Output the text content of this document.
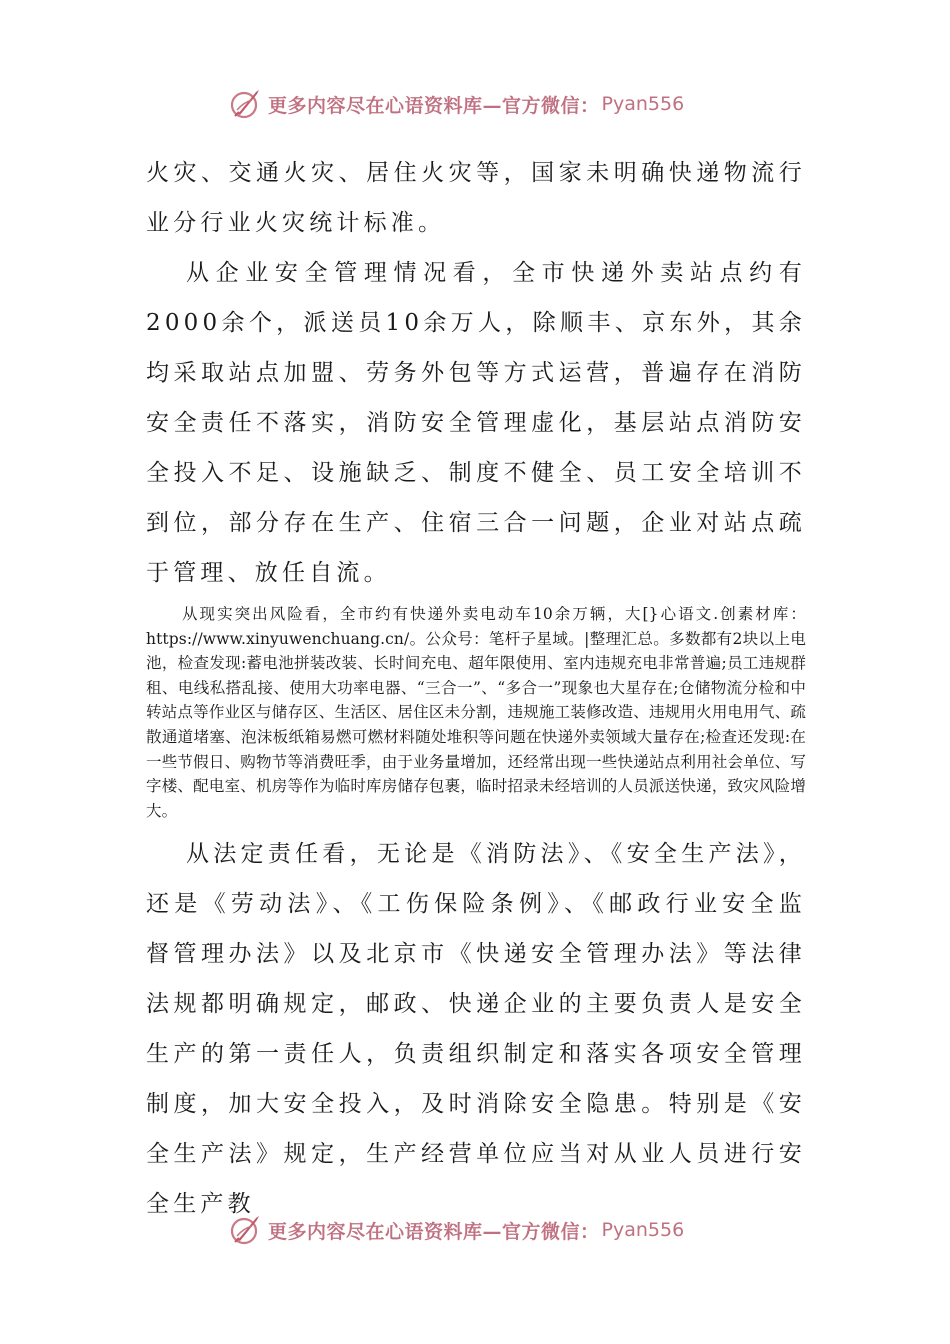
更多内容尽在心语资料库—官方微信： Pyan556

火灾、交通火灾、居住火灾等，国家未明确快递物流行业分行业火灾统计标准。

从企业安全管理情况看，全市快递外卖站点约有2000余个，派送员10余万人，除顺丰、京东外，其余均采取站点加盟、劳务外包等方式运营，普遍存在消防安全责任不落实，消防安全管理虚化，基层站点消防安全投入不足、设施缺乏、制度不健全、员工安全培训不到位，部分存在生产、住宿三合一问题，企业对站点疏于管理、放任自流。

从现实突出风险看，全市约有快递外卖电动车10余万辆，大[}心语文.创素材库：https://www.xinyuwenchuang.cn/。公众号：笔杆子星域。|整理汇总。多数都有2块以上电池，检查发现:蓄电池拼装改装、长时间充电、超年限使用、室内违规充电非常普遍;员工违规群租、电线私搭乱接、使用大功率电器、“三合一”、“多合一”现象也大星存在;仓储物流分检和中转站点等作业区与储存区、生活区、居住区未分割，违规施工装修改造、违规用火用电用气、疏散通道堵塞、泡沫板纸箱易燃可燃材料随处堆积等问题在快递外卖领域大量存在;检查还发现:在一些节假日、购物节等消费旺季，由于业务量增加，还经常出现一些快递站点利用社会单位、写字楼、配电室、机房等作为临时库房储存包裹，临时招录未经培训的人员派送快递，致灾风险增大。

从法定责任看，无论是《消防法》、《安全生产法》，还是《劳动法》、《工伤保险条例》、《邮政行业安全监督管理办法》以及北京市《快递安全管理办法》等法律法规都明确规定，邮政、快递企业的主要负责人是安全生产的第一责任人，负责组织制定和落实各项安全管理制度，加大安全投入，及时消除安全隐患。特别是《安全生产法》规定，生产经营单位应当对从业人员进行安全生产教

更多内容尽在心语资料库—官方微信： Pyan556
